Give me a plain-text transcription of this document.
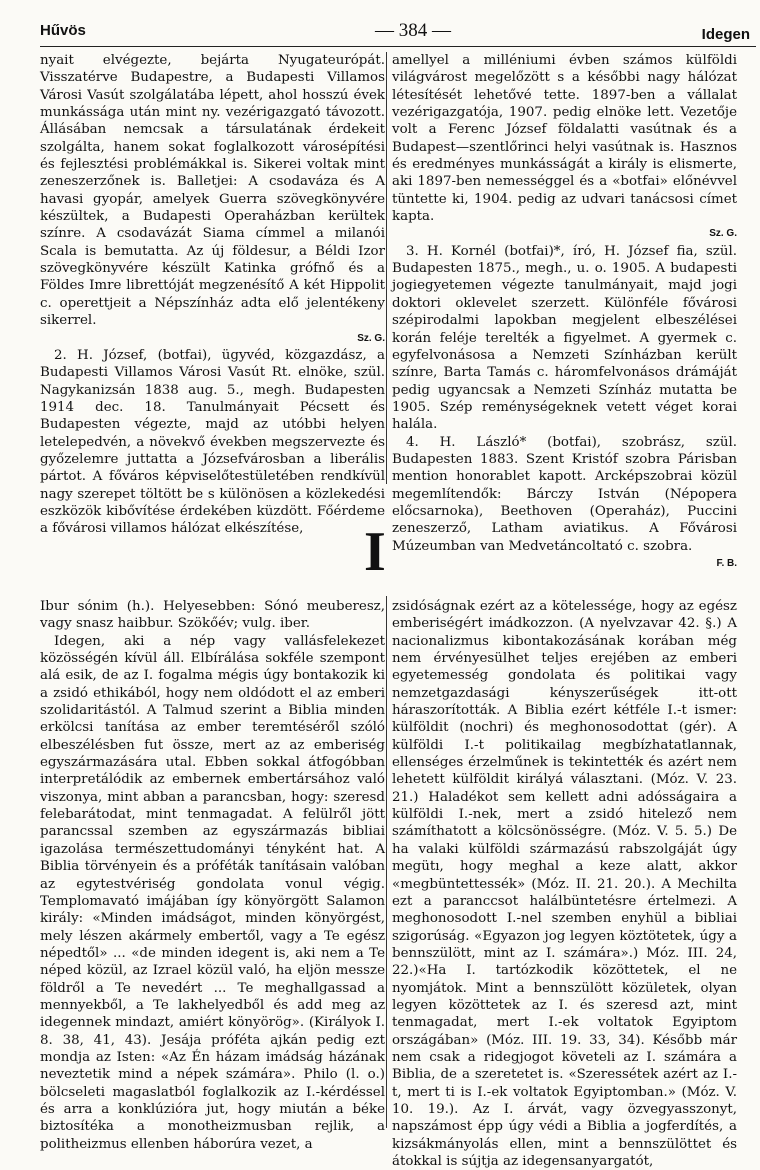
Hűvös	— 384 —	Idegen

nyait elvégezte, bejárta Nyugateurópát. Visszatérve Budapestre, a Budapesti Villamos Városi Vasút szolgálatába lépett, ahol hosszú évek munkássága után mint ny. vezérigazgató távozott. Állásában nemcsak a társulatának érdekeit szolgálta, hanem sokat foglalkozott városépítési és fejlesztési problémákkal is. Sikerei voltak mint zeneszerzőnek is. Balletjei: A csodaváza és A havasi gyopár, amelyek Guerra szövegkönyvére készültek, a Budapesti Operaházban kerültek színre. A csodavázát Siama címmel a milanói Scala is bemutatta. Az új földesur, a Béldi Izor szövegkönyvére készült Katinka grófnő és a Földes Imre librettóját megzenésítő A két Hippolit c. operettjeit a Népszínház adta elő jelentékeny sikerrel.

Sz. G.

2. H. József, (botfai), ügyvéd, közgazdász, a Budapesti Villamos Városi Vasút Rt. elnöke, szül. Nagykanizsán 1838 aug. 5., megh. Budapesten 1914 dec. 18. Tanulmányait Pécsett és Budapesten végezte, majd az utóbbi helyen letelepedvén, a növekvő években megszervezte és győzelemre juttatta a Józsefvárosban a liberális pártot. A főváros képviselőtestületében rendkívül nagy szerepet töltött be s különösen a közlekedési eszközök kibővítése érdekében küzdött. Főérdeme a fővárosi villamos hálózat elkészítése,

amellyel a milléniumi évben számos külföldi világvárost megelőzött s a későbbi nagy hálózat létesítését lehetővé tette. 1897-ben a vállalat vezérigazgatója, 1907. pedig elnöke lett. Vezetője volt a Ferenc József földalatti vasútnak és a Budapest—szentlőrinci helyi vasútnak is. Hasznos és eredményes munkásságát a király is elismerte, aki 1897-ben nemességgel és a «botfai» előnévvel tüntette ki, 1904. pedig az udvari tanácsosi címet kapta.

Sz. G.

3. H. Kornél (botfai)*, író, H. József fia, szül. Budapesten 1875., megh., u. o. 1905. A budapesti jogiegyetemen végezte tanulmányait, majd jogi doktori oklevelet szerzett. Különféle fővárosi szépirodalmi lapokban megjelent elbeszélései korán feléje terelték a figyelmet. A gyermek c. egyfelvonásosa a Nemzeti Színházban került színre, Barta Tamás c. háromfelvonásos drámáját pedig ugyancsak a Nemzeti Színház mutatta be 1905. Szép reménységeknek vetett véget korai halála.

4. H. László* (botfai), szobrász, szül. Budapesten 1883. Szent Kristóf szobra Párisban mention honorablet kapott. Arcképszobrai közül megemlítendők: Bárczy István (Népopera előcsarnoka), Beethoven (Operaház), Puccini zeneszerző, Latham aviatikus. A Fővárosi Múzeumban van Medvetáncoltató c. szobra.

F. B.
I

Ibur sónim (h.). Helyesebben: Sónó meuberesz, vagy snasz haibbur. Szökőév; vulg. iber.

Idegen, aki a nép vagy vallásfelekezet közösségén kívül áll. Elbírálása sokféle szempont alá esik, de az I. fogalma mégis úgy bontakozik ki a zsidó ethikából, hogy nem oldódott el az emberi szolidaritástól. A Talmud szerint a Biblia minden erkölcsi tanítása az ember teremtéséről szóló elbeszélésben fut össze, mert az az emberiség egyszármazására utal. Ebben sokkal átfogóbban interpretálódik az embernek embertársához való viszonya, mint abban a parancsban, hogy: szeresd felebarátodat, mint tenmagadat. A felülről jött parancssal szemben az egyszármazás bibliai igazolása természettudományi tényként hat. A Biblia törvényein és a próféták tanításain valóban az egytestvériség gondolata vonul végig. Templomavató imájában így könyörgött Salamon király: «Minden imádságot, minden könyörgést, mely lészen akármely embertől, vagy a Te egész népedtől» ... «de minden idegent is, aki nem a Te néped közül, az Izrael közül való, ha eljön messze földről a Te nevedért ... Te meghallgassad a mennyekből, a Te lakhelyedből és add meg az idegennek mindazt, amiért könyörög». (Királyok I. 8. 38, 41, 43). Jesája próféta ajkán pedig ezt mondja az Isten: «Az Én házam imádság házának neveztetik mind a népek számára». Philo (l. o.) bölcseleti magaslatból foglalkozik az I.-kérdéssel és arra a konklúzióra jut, hogy miután a béke biztosítéka a monotheizmusban rejlik, a politheizmus ellenben háborúra vezet, a

zsidóságnak ezért az a kötelessége, hogy az egész emberiségért imádkozzon. (A nyelvzavar 42. §.) A nacionalizmus kibontakozásának korában még nem érvényesülhet teljes erejében az emberi egyetemesség gondolata és politikai vagy nemzetgazdasági kényszerűségek itt-ott háraszorították. A Biblia ezért kétféle I.-t ismer: külföldit (nochri) és meghonosodottat (gér). A külföldi I.-t politikailag megbízhatatlannak, ellenséges érzelműnek is tekintették és azért nem lehetett külföldit királyá választani. (Móz. V. 23. 21.) Haladékot sem kellett adni adósságaira a külföldi I.-nek, mert a zsidó hitelező nem számíthatott a kölcsönösségre. (Móz. V. 5. 5.) De ha valaki külföldi származású rabszolgáját úgy megütı, hogy meghal a keze alatt, akkor «megbüntettessék» (Móz. II. 21. 20.). A Mechilta ezt a paranccsot halálbüntetésre értelmezi. A meghonosodott I.-nel szemben enyhül a bibliai szigorúság. «Egyazon jog legyen köztötetek, úgy a bennszülött, mint az I. számára».) Móz. III. 24, 22.)«Ha I. tartózkodik közöttetek, el ne nyomjátok. Mint a bennszülött közületek, olyan legyen közöttetek az I. és szeresd azt, mint tenmagadat, mert I.-ek voltatok Egyiptom országában» (Móz. III. 19. 33, 34). Később már nem csak a ridegjogot követeli az I. számára a Biblia, de a szeretetet is. «Szeressétek azért az I.-t, mert ti is I.-ek voltatok Egyiptomban.» (Móz. V. 10. 19.). Az I. árvát, vagy özvegyasszonyt, napszámost épp úgy védi a Biblia a jogferdítés, a kizsákmányolás ellen, mint a bennszülöttet és átokkal is sújtja az idegensanyargatót,
